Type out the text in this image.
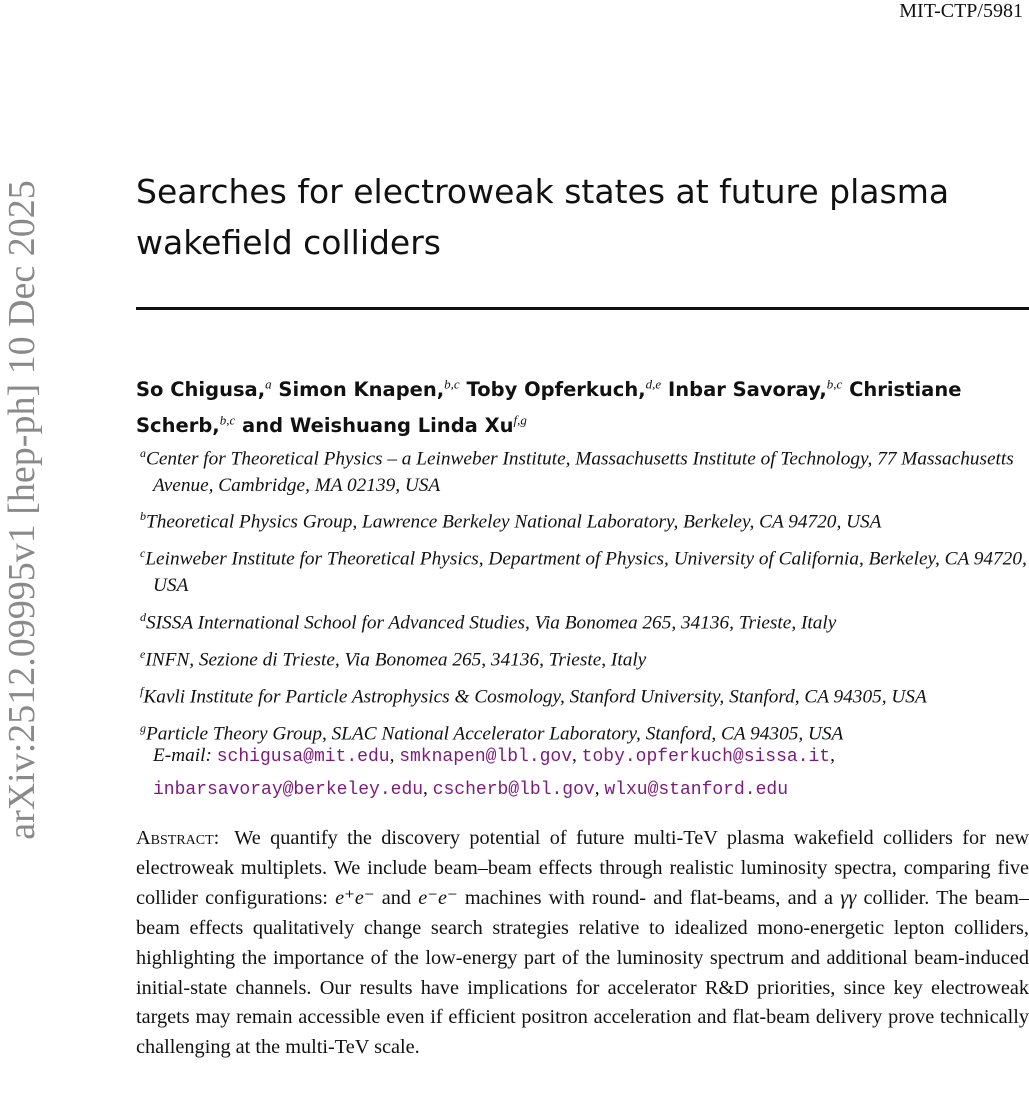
MIT-CTP/5981
arXiv:2512.09995v1 [hep-ph] 10 Dec 2025	Searches for electroweak states at future plasma wakefield colliders
So Chigusa,$^a$ Simon Knapen,$^{b,c}$ Toby Opferkuch,$^{d,e}$ Inbar Savoray,$^{b,c}$ Christiane Scherb,$^{b,c}$ and Weishuang Linda Xu$^{f,g}$
$^a$Center for Theoretical Physics – a Leinweber Institute, Massachusetts Institute of Technology, 77 Massachusetts Avenue, Cambridge, MA 02139, USA
$^b$Theoretical Physics Group, Lawrence Berkeley National Laboratory, Berkeley, CA 94720, USA
$^c$Leinweber Institute for Theoretical Physics, Department of Physics, University of California, Berkeley, CA 94720, USA
$^d$SISSA International School for Advanced Studies, Via Bonomea 265, 34136, Trieste, Italy
$^e$INFN, Sezione di Trieste, Via Bonomea 265, 34136, Trieste, Italy
$^f$Kavli Institute for Particle Astrophysics & Cosmology, Stanford University, Stanford, CA 94305, USA
$^g$Particle Theory Group, SLAC National Accelerator Laboratory, Stanford, CA 94305, USA
E-mail: schigusa@mit.edu, smknapen@lbl.gov, toby.opferkuch@sissa.it,
inbarsavoray@berkeley.edu, cscherb@lbl.gov, wlxu@stanford.edu
Abstract: We quantify the discovery potential of future multi-TeV plasma wakefield colliders for new electroweak multiplets. We include beam–beam effects through realistic luminosity spectra, comparing five collider configurations: e⁺e⁻ and e⁻e⁻ machines with round- and flat-beams, and a γγ collider. The beam–beam effects qualitatively change search strategies relative to idealized mono-energetic lepton colliders, highlighting the importance of the low-energy part of the luminosity spectrum and additional beam-induced initial-state channels. Our results have implications for accelerator R&D priorities, since key electroweak targets may remain accessible even if efficient positron acceleration and flat-beam delivery prove technically challenging at the multi-TeV scale.
